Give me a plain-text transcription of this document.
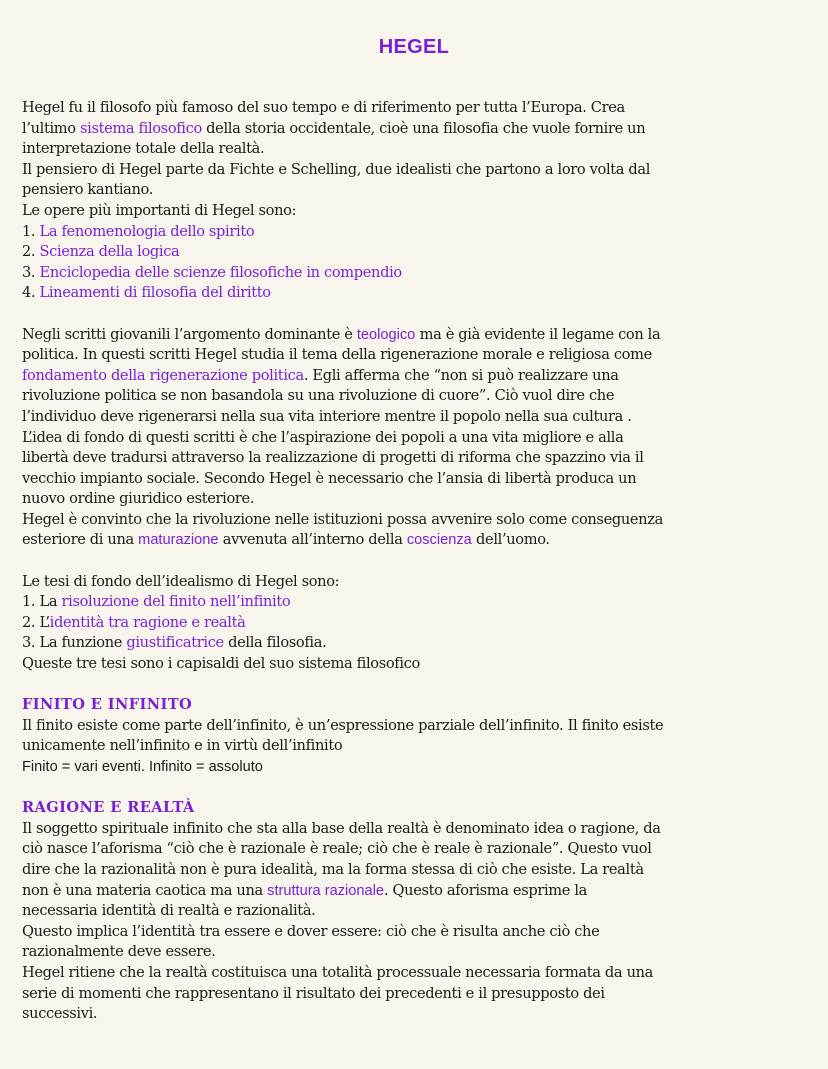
HEGEL
Hegel fu il filosofo più famoso del suo tempo e di riferimento per tutta l’Europa. Crea
l’ultimo sistema filosofico della storia occidentale, cioè una filosofia che vuole fornire un
interpretazione totale della realtà.
Il pensiero di Hegel parte da Fichte e Schelling, due idealisti che partono a loro volta dal
pensiero kantiano.
Le opere più importanti di Hegel sono:
1. La fenomenologia dello spirito
2. Scienza della logica
3. Enciclopedia delle scienze filosofiche in compendio
4. Lineamenti di filosofia del diritto
Negli scritti giovanili l’argomento dominante è teologico ma è già evidente il legame con la
politica. In questi scritti Hegel studia il tema della rigenerazione morale e religiosa come
fondamento della rigenerazione politica. Egli afferma che “non si può realizzare una
rivoluzione politica se non basandola su una rivoluzione di cuore”. Ciò vuol dire che
l’individuo deve rigenerarsi nella sua vita interiore mentre il popolo nella sua cultura .
L’idea di fondo di questi scritti è che l’aspirazione dei popoli a una vita migliore e alla
libertà deve tradursi attraverso la realizzazione di progetti di riforma che spazzino via il
vecchio impianto sociale. Secondo Hegel è necessario che l’ansia di libertà produca un
nuovo ordine giuridico esteriore.
Hegel è convinto che la rivoluzione nelle istituzioni possa avvenire solo come conseguenza
esteriore di una maturazione avvenuta all’interno della coscienza dell’uomo.
Le tesi di fondo dell’idealismo di Hegel sono:
1. La risoluzione del finito nell’infinito
2. L’identità tra ragione e realtà
3. La funzione giustificatrice della filosofia.
Queste tre tesi sono i capisaldi del suo sistema filosofico
FINITO E INFINITO
Il finito esiste come parte dell’infinito, è un’espressione parziale dell’infinito. Il finito esiste
unicamente nell’infinito e in virtù dell’infinito
Finito = vari eventi. Infinito = assoluto
RAGIONE E REALTÀ
Il soggetto spirituale infinito che sta alla base della realtà è denominato idea o ragione, da
ciò nasce l’aforisma “ciò che è razionale è reale; ciò che è reale è razionale”. Questo vuol
dire che la razionalità non è pura idealità, ma la forma stessa di ciò che esiste. La realtà
non è una materia caotica ma una struttura razionale. Questo aforisma esprime la
necessaria identità di realtà e razionalità.
Questo implica l’identità tra essere e dover essere: ciò che è risulta anche ciò che
razionalmente deve essere.
Hegel ritiene che la realtà costituisca una totalità processuale necessaria formata da una
serie di momenti che rappresentano il risultato dei precedenti e il presupposto dei
successivi.
